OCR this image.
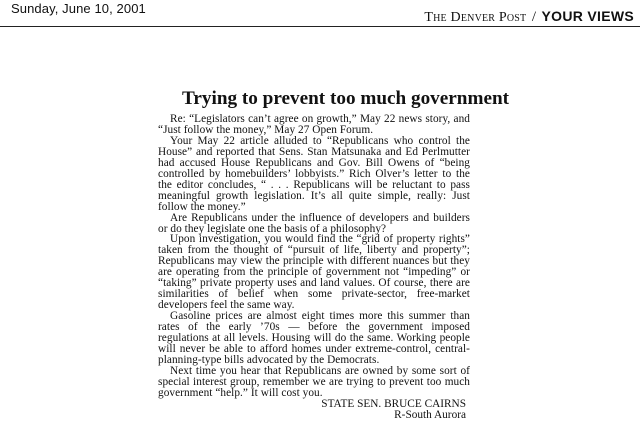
Sunday, June 10, 2001
The Denver Post / YOUR VIEWS
Trying to prevent too much government

Re: “Legislators can’t agree on growth,” May 22 news story, and “Just follow the money,” May 27 Open Forum.

Your May 22 article alluded to “Republicans who control the House” and reported that Sens. Stan Matsunaka and Ed Perlmutter had accused House Republicans and Gov. Bill Owens of “being controlled by homebuilders’ lobbyists.” Rich Olver’s letter to the the editor concludes, “ . . . Republicans will be reluctant to pass meaningful growth legislation. It’s all quite simple, really: Just follow the money.”

Are Republicans under the influence of developers and builders or do they legislate one the basis of a philosophy?

Upon investigation, you would find the “grid of property rights” taken from the thought of “pursuit of life, liberty and property”; Republicans may view the principle with different nuances but they are operating from the principle of government not “impeding” or “taking” private property uses and land values. Of course, there are similarities of belief when some private-sector, free-market developers feel the same way.

Gasoline prices are almost eight times more this summer than rates of the early ’70s — before the government imposed regulations at all levels. Housing will do the same. Working people will never be able to afford homes under extreme-control, central-planning-type bills advocated by the Democrats.

Next time you hear that Republicans are owned by some sort of special interest group, remember we are trying to prevent too much government “help.” It will cost you.

STATE SEN. BRUCE CAIRNS

R-South Aurora
